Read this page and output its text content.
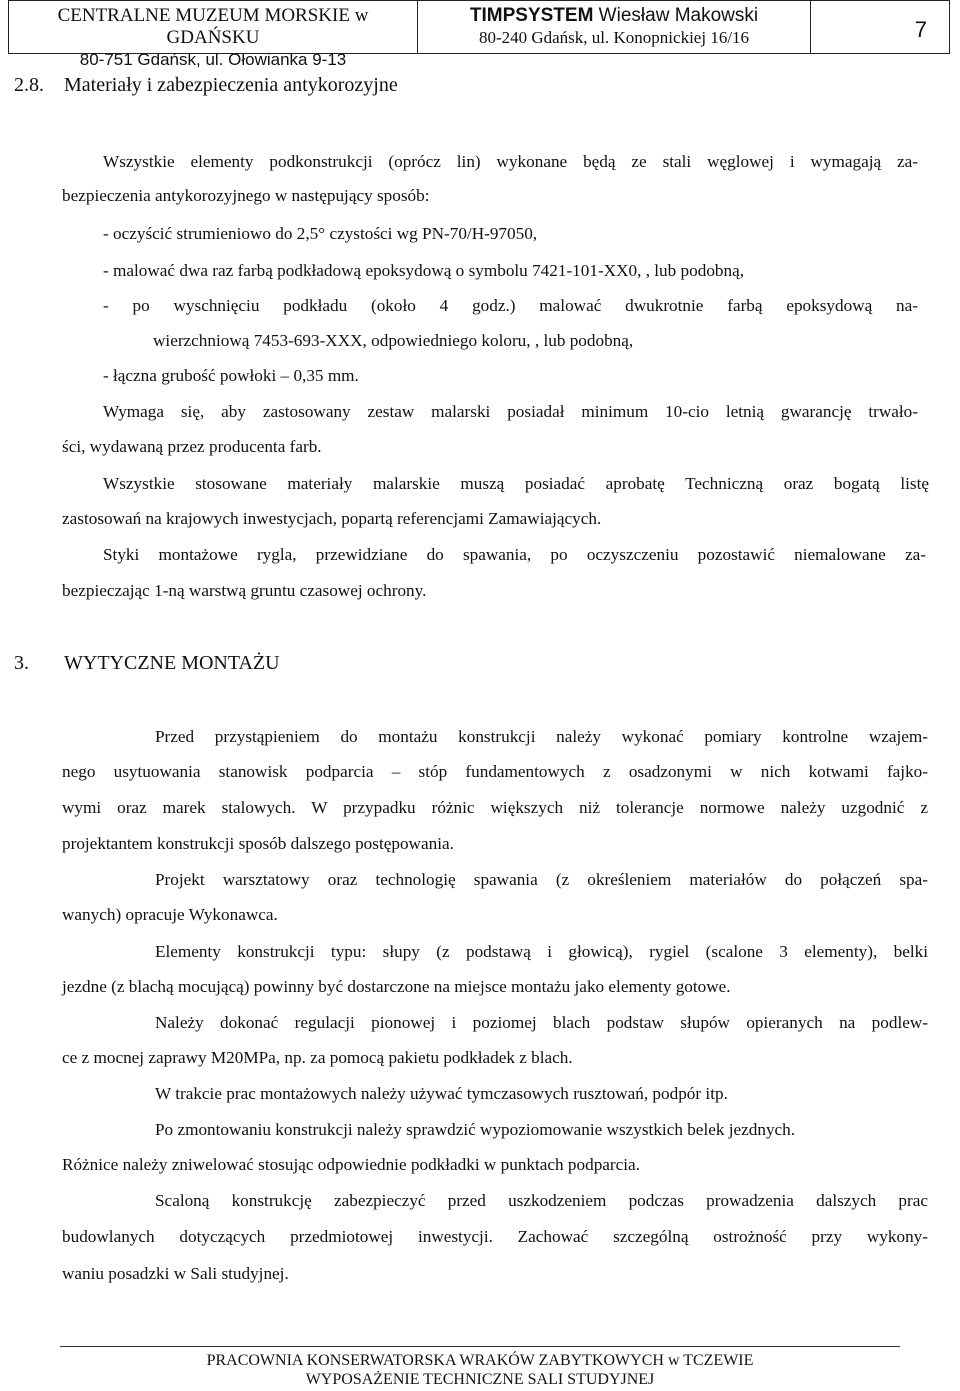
CENTRALNE MUZEUM MORSKIE w GDAŃSKU
80-751 Gdańsk, ul. Ołowianka 9-13
TIMPSYSTEM Wiesław Makowski
80-240 Gdańsk, ul. Konopnickiej 16/16	7
2.8. Materiały i zabezpieczenia antykorozyjne
Wszystkie elementy podkonstrukcji (oprócz lin) wykonane będą ze stali węglowej i wymagają za-
bezpieczenia antykorozyjnego w następujący sposób:
- oczyścić strumieniowo do 2,5° czystości wg PN-70/H-97050,
- malować dwa raz farbą podkładową epoksydową o symbolu 7421-101-XX0, , lub podobną,
- po wyschnięciu podkładu (około 4 godz.) malować dwukrotnie farbą epoksydową na-
wierzchniową 7453-693-XXX, odpowiedniego koloru, , lub podobną,
- łączna grubość powłoki – 0,35 mm.
Wymaga się, aby zastosowany zestaw malarski posiadał minimum 10-cio letnią gwarancję trwało-
ści, wydawaną przez producenta farb.
Wszystkie stosowane materiały malarskie muszą posiadać aprobatę Techniczną oraz bogatą listę
zastosowań na krajowych inwestycjach, popartą referencjami Zamawiających.
Styki montażowe rygla, przewidziane do spawania, po oczyszczeniu pozostawić niemalowane za-
bezpieczając 1-ną warstwą gruntu czasowej ochrony.
3. WYTYCZNE MONTAŻU
Przed przystąpieniem do montażu konstrukcji należy wykonać pomiary kontrolne wzajem-
nego usytuowania stanowisk podparcia – stóp fundamentowych z osadzonymi w nich kotwami fajko-
wymi oraz marek stalowych. W przypadku różnic większych niż tolerancje normowe należy uzgodnić z
projektantem konstrukcji sposób dalszego postępowania.
Projekt warsztatowy oraz technologię spawania (z określeniem materiałów do połączeń spa-
wanych) opracuje Wykonawca.
Elementy konstrukcji typu: słupy (z podstawą i głowicą), rygiel (scalone 3 elementy), belki
jezdne (z blachą mocującą) powinny być dostarczone na miejsce montażu jako elementy gotowe.
Należy dokonać regulacji pionowej i poziomej blach podstaw słupów opieranych na podlew-
ce z mocnej zaprawy M20MPa, np. za pomocą pakietu podkładek z blach.
W trakcie prac montażowych należy używać tymczasowych rusztowań, podpór itp.
Po zmontowaniu konstrukcji należy sprawdzić wypoziomowanie wszystkich belek jezdnych.
Różnice należy zniwelować stosując odpowiednie podkładki w punktach podparcia.
Scaloną konstrukcję zabezpieczyć przed uszkodzeniem podczas prowadzenia dalszych prac
budowlanych dotyczących przedmiotowej inwestycji. Zachować szczególną ostrożność przy wykony-
waniu posadzki w Sali studyjnej.
PRACOWNIA KONSERWATORSKA WRAKÓW ZABYTKOWYCH w TCZEWIE
WYPOSAŻENIE TECHNICZNE SALI STUDYJNEJ
